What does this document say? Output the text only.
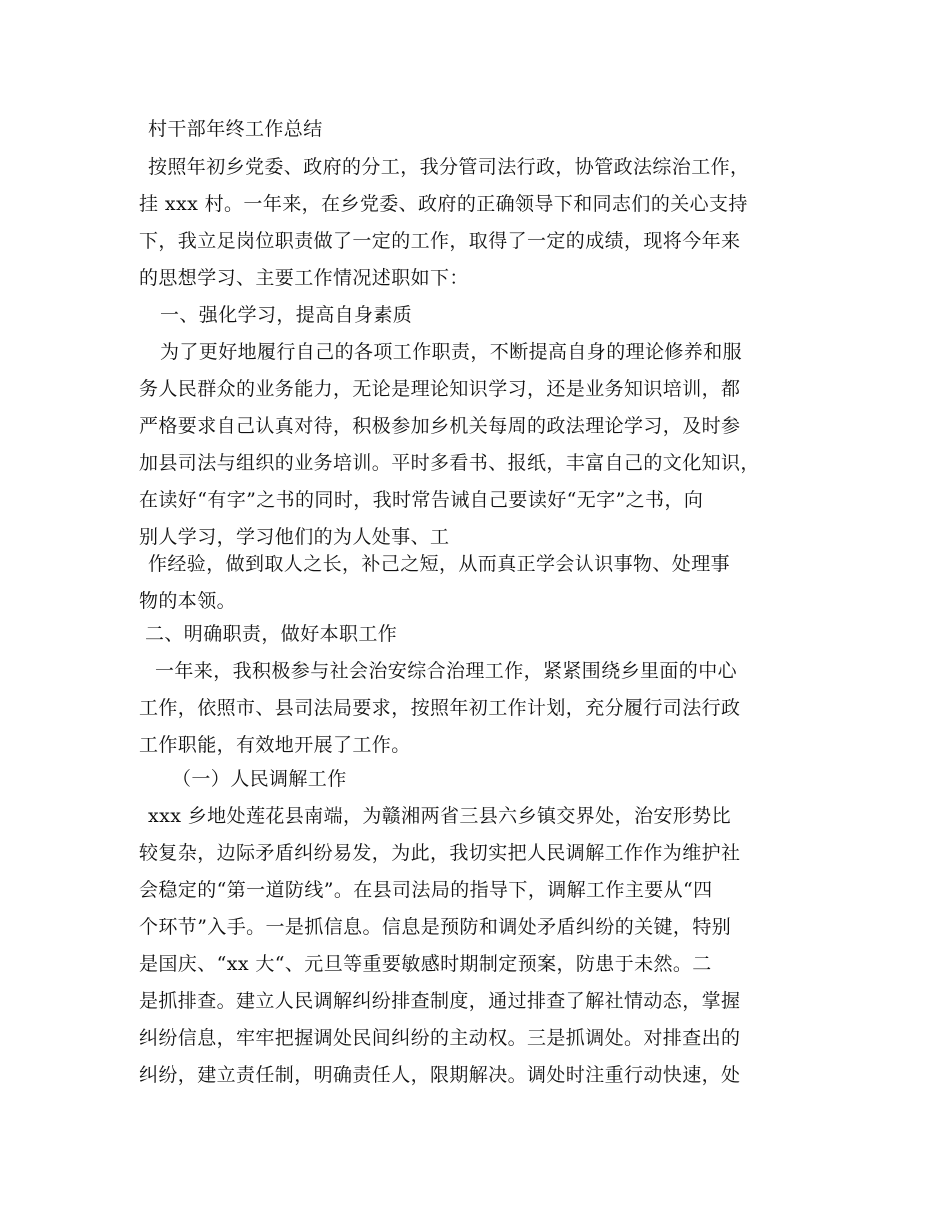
村干部年终工作总结
按照年初乡党委、政府的分工，我分管司法行政，协管政法综治工作，
挂 xxx 村。一年来，在乡党委、政府的正确领导下和同志们的关心支持
下，我立足岗位职责做了一定的工作，取得了一定的成绩，现将今年来
的思想学习、主要工作情况述职如下：
一、强化学习，提高自身素质
为了更好地履行自己的各项工作职责，不断提高自身的理论修养和服
务人民群众的业务能力，无论是理论知识学习，还是业务知识培训，都
严格要求自己认真对待，积极参加乡机关每周的政法理论学习，及时参
加县司法与组织的业务培训。平时多看书、报纸，丰富自己的文化知识，
在读好“有字”之书的同时，我时常告诫自己要读好“无字”之书，向
别人学习，学习他们的为人处事、工
作经验，做到取人之长，补己之短，从而真正学会认识事物、处理事
物的本领。
二、明确职责，做好本职工作
一年来，我积极参与社会治安综合治理工作，紧紧围绕乡里面的中心
工作，依照市、县司法局要求，按照年初工作计划，充分履行司法行政
工作职能，有效地开展了工作。
（一）人民调解工作
xxx 乡地处莲花县南端，为赣湘两省三县六乡镇交界处，治安形势比
较复杂，边际矛盾纠纷易发，为此，我切实把人民调解工作作为维护社
会稳定的“第一道防线”。在县司法局的指导下，调解工作主要从“四
个环节”入手。一是抓信息。信息是预防和调处矛盾纠纷的关键，特别
是国庆、“xx 大“、元旦等重要敏感时期制定预案，防患于未然。二
是抓排查。建立人民调解纠纷排查制度，通过排查了解社情动态，掌握
纠纷信息，牢牢把握调处民间纠纷的主动权。三是抓调处。对排查出的
纠纷，建立责任制，明确责任人，限期解决。调处时注重行动快速，处
